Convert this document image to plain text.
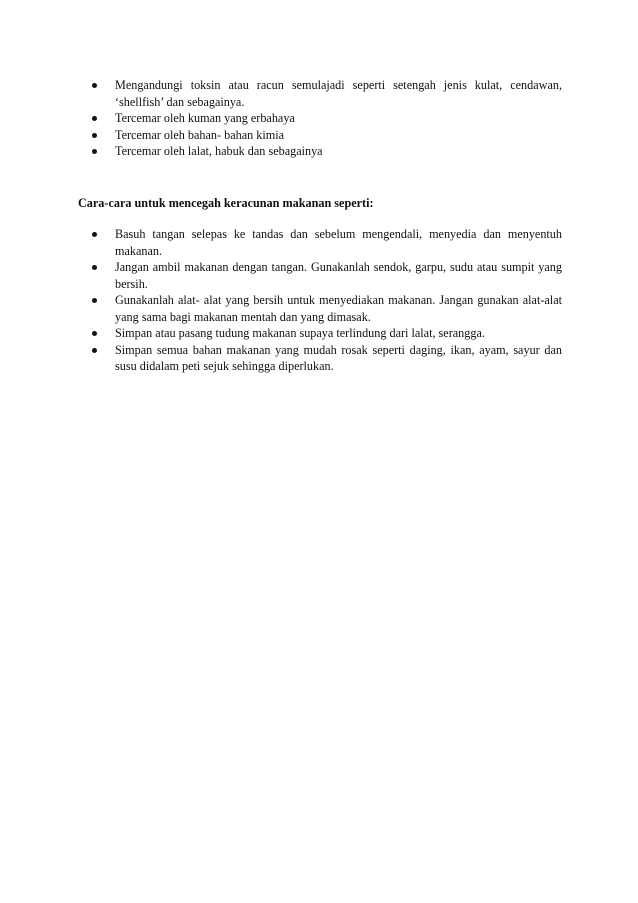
Mengandungi toksin atau racun semulajadi seperti setengah jenis kulat, cendawan, ‘shellfish’ dan sebagainya.
Tercemar oleh kuman yang erbahaya
Tercemar oleh bahan- bahan kimia
Tercemar oleh lalat, habuk dan sebagainya

Cara-cara untuk mencegah keracunan makanan seperti:

Basuh tangan selepas ke tandas dan sebelum mengendali, menyedia dan menyentuh makanan.
Jangan ambil makanan dengan tangan. Gunakanlah sendok, garpu, sudu atau sumpit yang bersih.
Gunakanlah alat- alat yang bersih untuk menyediakan makanan. Jangan gunakan alat-alat yang sama bagi makanan mentah dan yang dimasak.
Simpan atau pasang tudung makanan supaya terlindung dari lalat, serangga.
Simpan semua bahan makanan yang mudah rosak seperti daging, ikan, ayam, sayur dan susu didalam peti sejuk sehingga diperlukan.
